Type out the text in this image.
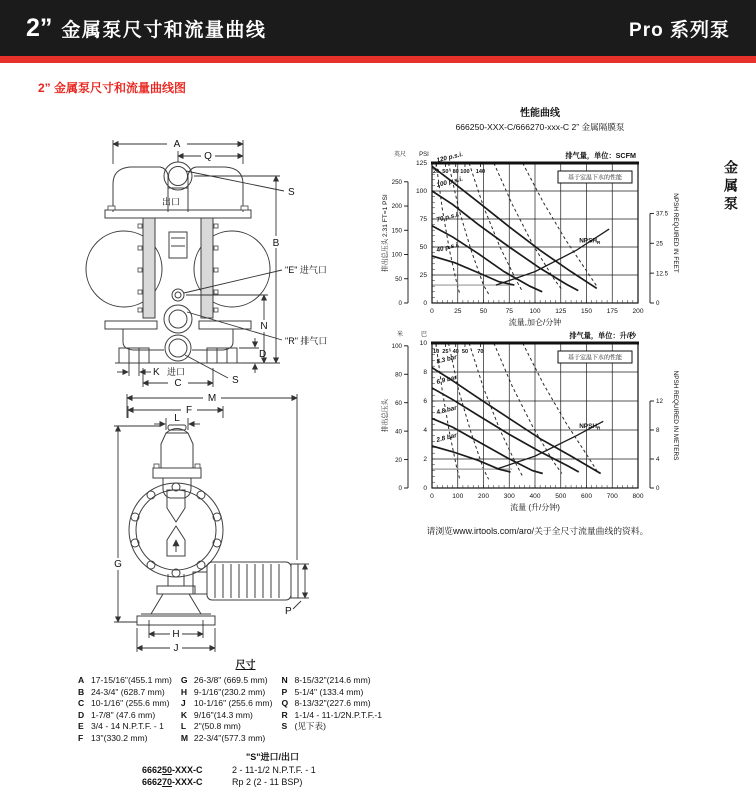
2” 金属泵尺寸和流量曲线	Pro 系列泵
2” 金属泵尺寸和流量曲线图
金属泵
A
Q
S
出口
B
"E" 进气口
N
"R" 排气口
D
K 进口
C	S
M
F
L
G
H
J
P
尺寸
A 17-15/16"(455.1 mm)
B 24-3/4" (628.7 mm)
C 10-1/16" (255.6 mm)
D 1-7/8" (47.6 mm)
E 3/4 - 14 N.P.T.F. - 1
F 13"(330.2 mm)
G 26-3/8" (669.5 mm)
H 9-1/16"(230.2 mm)
J 10-1/16" (255.6 mm)
K 9/16"(14.3 mm)
L 2"(50.8 mm)
M 22-3/4"(577.3 mm)
N 8-15/32"(214.6 mm)
P 5-1/4" (133.4 mm)
Q 8-13/32"(227.6 mm)
R 1-1/4 - 11-1/2N.P.T.F.-1
S (见下表)
"S"进口/出口
666250-XXX-C	2 - 11-1/2 N.P.T.F. - 1
666270-XXX-C	Rp 2 (2 - 11 BSP)
性能曲线
666250-XXX-C/666270-xxx-C 2” 金属隔膜泵
120 p.s.i.
100 p.s.i.
70 p.s.i.
40 p.s.i.
$NPSH_R$
0	25	50	75	100 125 150 175 200
流量,加仑/分钟
0
25
50
75
100
125
PSI
0
50
100
150
200
250
英尺
排出总压头 2.31 FT=1 PSI
20 50 80 100 140
排气量，单位：SCFM
0
12.5
25
37.5 NPSH REQUIRED IN FEET
基于室温下水的性能
8.3 bar
6.9 bar
4.8 bar
2.8 bar
$NPSH_R$
0	100 200 300 400 500 600 700 800
流量 (升/分钟)
0
2
4
6
8
10
巴
0
20
40
60
80
100
米
排出总压头
10 25 40 50 70
排气量，单位：升/秒
0
4
8
12 NPSH REQUIRED IN METERS
基于室温下水的性能
请浏览www.irtools.com/aro/关于全尺寸流量曲线的资料。
